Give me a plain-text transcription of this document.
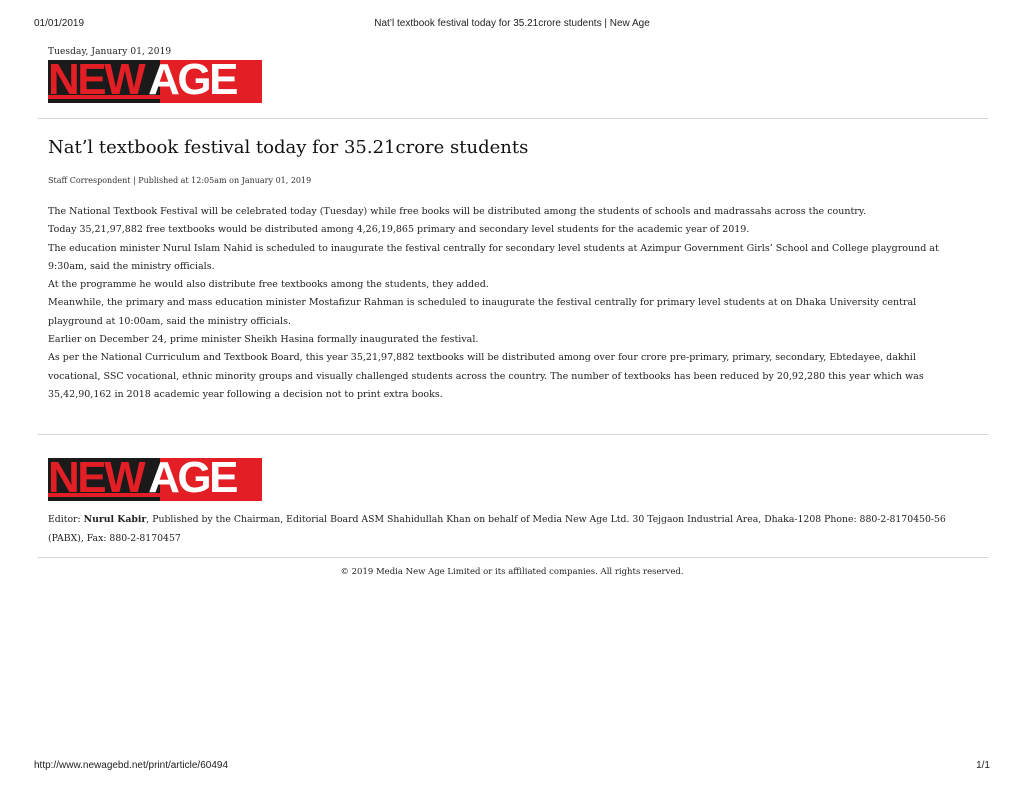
01/01/2019	Nat’l textbook festival today for 35.21crore students | New Age
Tuesday, January 01, 2019
NEW AGE
Nat’l textbook festival today for 35.21crore students
Staff Correspondent | Published at 12:05am on January 01, 2019

The National Textbook Festival will be celebrated today (Tuesday) while free books will be distributed among the students of schools and madrassahs across the country.

Today 35,21,97,882 free textbooks would be distributed among 4,26,19,865 primary and secondary level students for the academic year of 2019.

The education minister Nurul Islam Nahid is scheduled to inaugurate the festival centrally for secondary level students at Azimpur Government Girls’ School and College playground at 9:30am, said the ministry officials.

At the programme he would also distribute free textbooks among the students, they added.

Meanwhile, the primary and mass education minister Mostafizur Rahman is scheduled to inaugurate the festival centrally for primary level students at on Dhaka University central playground at 10:00am, said the ministry officials.

Earlier on December 24, prime minister Sheikh Hasina formally inaugurated the festival.

As per the National Curriculum and Textbook Board, this year 35,21,97,882 textbooks will be distributed among over four crore pre-primary, primary, secondary, Ebtedayee, dakhil vocational, SSC vocational, ethnic minority groups and visually challenged students across the country. The number of textbooks has been reduced by 20,92,280 this year which was 35,42,90,162 in 2018 academic year following a decision not to print extra books.

NEW AGE
Editor: Nurul Kabir, Published by the Chairman, Editorial Board ASM Shahidullah Khan on behalf of Media New Age Ltd. 30 Tejgaon Industrial Area, Dhaka-1208 Phone: 880-2-8170450-56 (PABX), Fax: 880-2-8170457
© 2019 Media New Age Limited or its affiliated companies. All rights reserved.
http://www.newagebd.net/print/article/60494	1/1
